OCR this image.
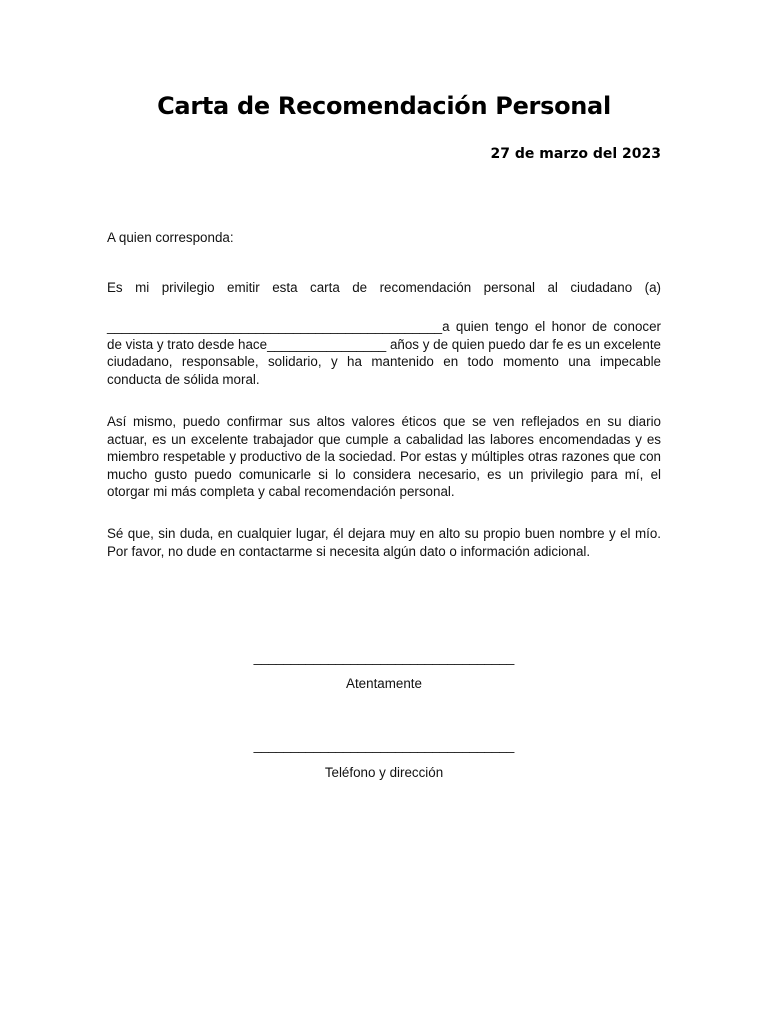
Carta de Recomendación Personal

27 de marzo del 2023

A quien corresponda:

Es mi privilegio emitir esta carta de recomendación personal al ciudadano (a)

_____________________________________________a quien tengo el honor de conocer de vista y trato desde hace________________ años y de quien puedo dar fe es un excelente ciudadano, responsable, solidario, y ha mantenido en todo momento una impecable conducta de sólida moral.

Así mismo, puedo confirmar sus altos valores éticos que se ven reflejados en su diario actuar, es un excelente trabajador que cumple a cabalidad las labores encomendadas y es miembro respetable y productivo de la sociedad. Por estas y múltiples otras razones que con mucho gusto puedo comunicarle si lo considera necesario, es un privilegio para mí, el otorgar mi más completa y cabal recomendación personal.

Sé que, sin duda, en cualquier lugar, él dejara muy en alto su propio buen nombre y el mío. Por favor, no dude en contactarme si necesita algún dato o información adicional.

___________________________________

Atentamente

___________________________________

Teléfono y dirección
